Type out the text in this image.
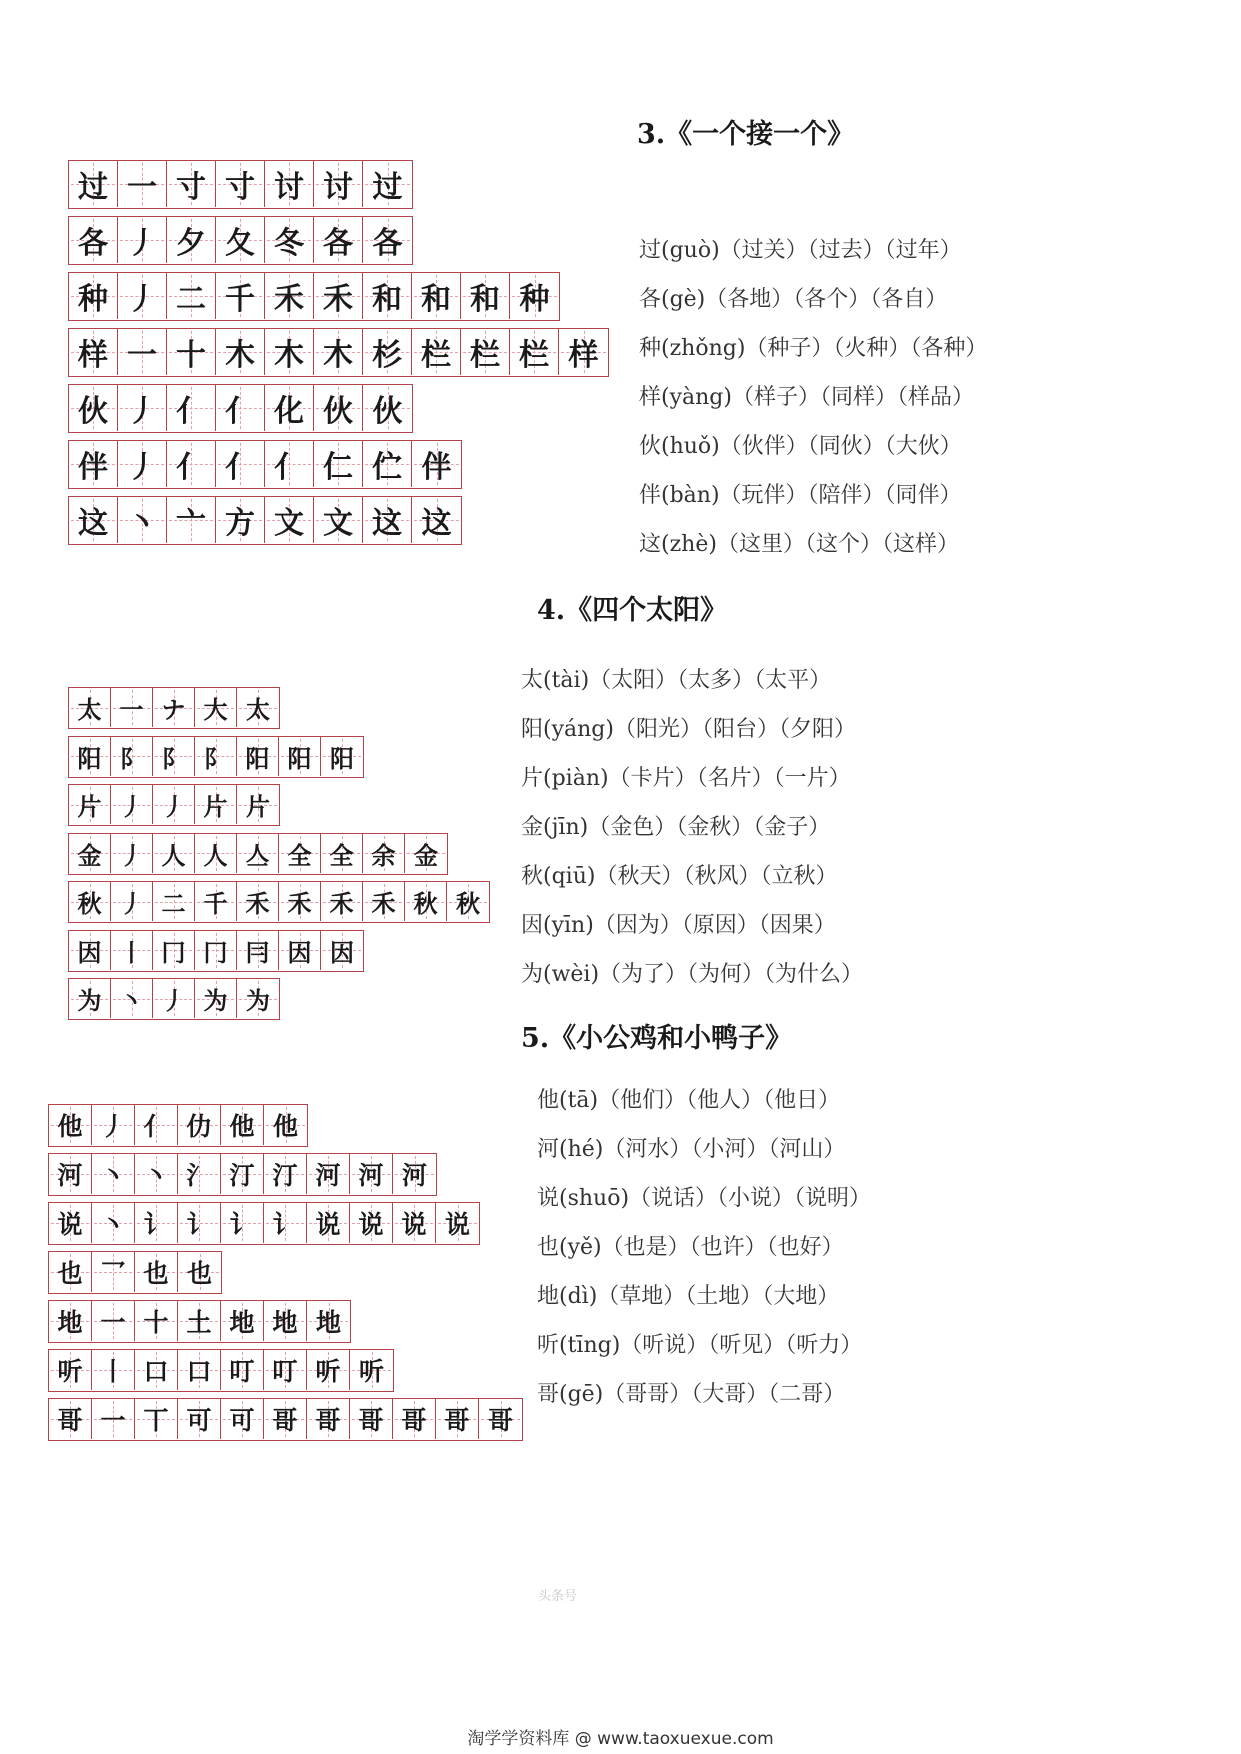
3.《一个接一个》
4.《四个太阳》
5.《小公鸡和小鸭子》
过(guò)（过关）（过去）（过年）
各(gè)（各地）（各个）（各自）
种(zhǒng)（种子）（火种）（各种）
样(yàng)（样子）（同样）（样品）
伙(huǒ)（伙伴）（同伙）（大伙）
伴(bàn)（玩伴）（陪伴）（同伴）
这(zhè)（这里）（这个）（这样）
太(tài)（太阳）（太多）（太平）
阳(yáng)（阳光）（阳台）（夕阳）
片(piàn)（卡片）（名片）（一片）
金(jīn)（金色）（金秋）（金子）
秋(qiū)（秋天）（秋风）（立秋）
因(yīn)（因为）（原因）（因果）
为(wèi)（为了）（为何）（为什么）
他(tā)（他们）（他人）（他日）
河(hé)（河水）（小河）（河山）
说(shuō)（说话）（小说）（说明）
也(yě)（也是）（也许）（也好）
地(dì)（草地）（土地）（大地）
听(tīng)（听说）（听见）（听力）
哥(gē)（哥哥）（大哥）（二哥）
过 一 寸 寸 讨 讨 过
各 丿 夕 夂 冬 各 各
种 丿 二 千 禾 禾 和 和 和 种
样 一 十 木 木 木 杉 栏 栏 栏 样
伙 丿 亻 亻 化 伙 伙
伴 丿 亻 亻 亻 仁 伫 伴
这 丶 亠 方 文 文 这 这
太 一 ナ 大 太
阳 阝 阝 阝 阳 阳 阳
片 丿 丿 片 片
金 丿 人 人 亼 全 全 余 金
秋 丿 二 千 禾 禾 禾 禾 秋 秋
因 丨 冂 冂 冃 因 因
为 丶 丿 为 为
他 丿 亻 仂 他 他
河 丶 丶 氵 汀 汀 河 河 河
说 丶 讠 讠 讠 讠 说 说 说 说
也 乛 也 也
地 一 十 土 地 地 地
听 丨 口 口 叮 叮 听 听
哥 一 丅 可 可 哥 哥 哥 哥 哥 哥
头条号
淘学学资料库 @ www.taoxuexue.com
